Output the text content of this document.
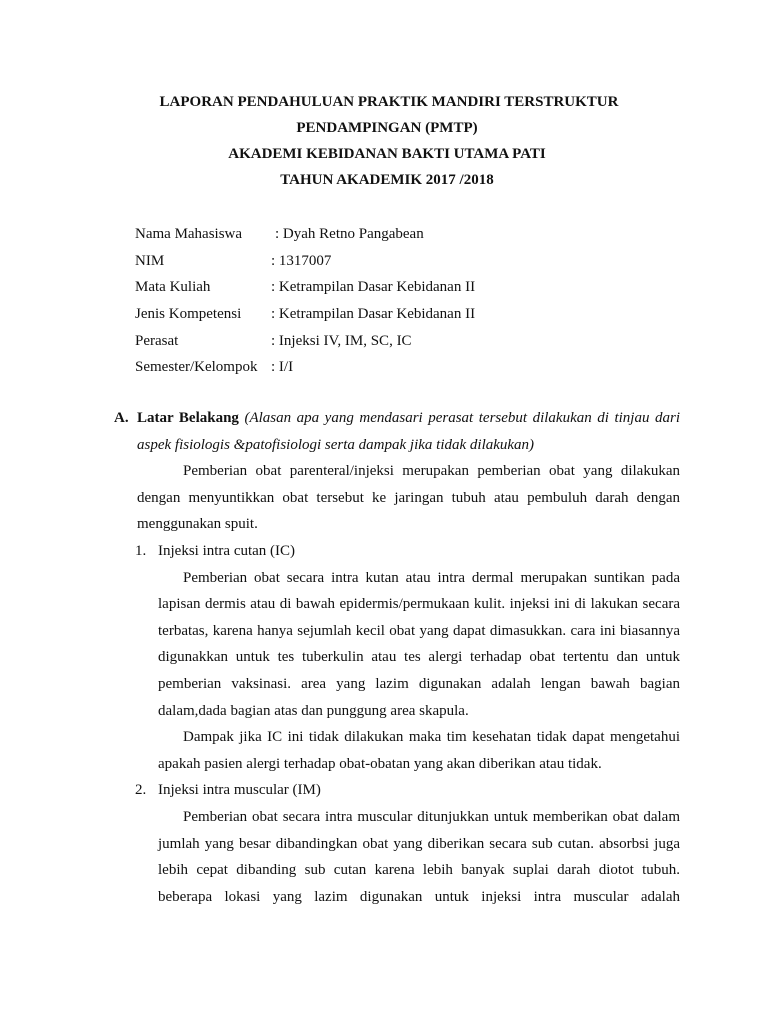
LAPORAN PENDAHULUAN PRAKTIK MANDIRI TERSTRUKTUR
PENDAMPINGAN (PMTP)
AKADEMI KEBIDANAN BAKTI UTAMA PATI
TAHUN AKADEMIK 2017 /2018
Nama Mahasiswa : Dyah Retno Pangabean
NIM	: 1317007
Mata Kuliah	: Ketrampilan Dasar Kebidanan II
Jenis Kompetensi : Ketrampilan Dasar Kebidanan II
Perasat	: Injeksi IV, IM, SC, IC
Semester/Kelompok : I/I
A. Latar Belakang (Alasan apa yang mendasari perasat tersebut dilakukan di tinjau dari
aspek fisiologis &patofisiologi serta dampak jika tidak dilakukan)
Pemberian obat parenteral/injeksi merupakan pemberian obat yang dilakukan
dengan menyuntikkan obat tersebut ke jaringan tubuh atau pembuluh darah dengan
menggunakan spuit.
1. Injeksi intra cutan (IC)
Pemberian obat secara intra kutan atau intra dermal merupakan suntikan pada
lapisan dermis atau di bawah epidermis/permukaan kulit. injeksi ini di lakukan secara
terbatas, karena hanya sejumlah kecil obat yang dapat dimasukkan. cara ini biasannya
digunakkan untuk tes tuberkulin atau tes alergi terhadap obat tertentu dan untuk
pemberian vaksinasi. area yang lazim digunakan adalah lengan bawah bagian
dalam,dada bagian atas dan punggung area skapula.
Dampak jika IC ini tidak dilakukan maka tim kesehatan tidak dapat mengetahui
apakah pasien alergi terhadap obat-obatan yang akan diberikan atau tidak.
2. Injeksi intra muscular (IM)
Pemberian obat secara intra muscular ditunjukkan untuk memberikan obat dalam
jumlah yang besar dibandingkan obat yang diberikan secara sub cutan. absorbsi juga
lebih cepat dibanding sub cutan karena lebih banyak suplai darah diotot tubuh.
beberapa lokasi yang lazim digunakan untuk injeksi intra muscular adalah
